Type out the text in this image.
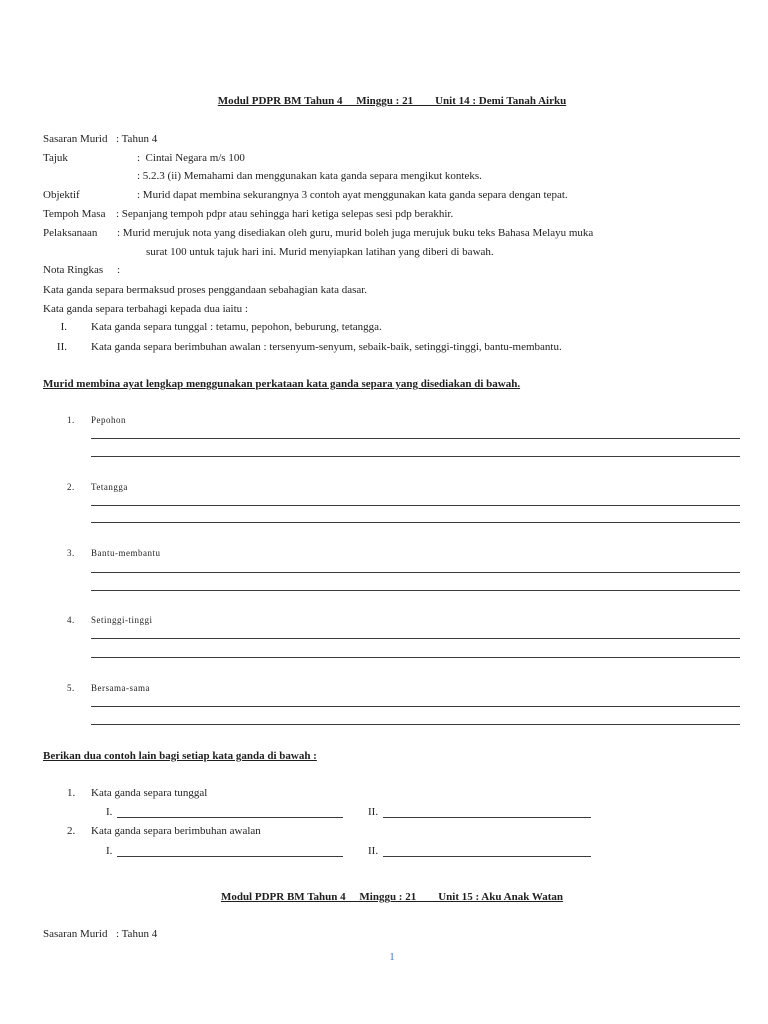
Modul PDPR BM Tahun 4     Minggu : 21        Unit 14 : Demi Tanah Airku
Sasaran Murid : Tahun 4
Tajuk	:  Cintai Negara m/s 100
: 5.2.3 (ii) Memahami dan menggunakan kata ganda separa mengikut konteks.
Objektif	: Murid dapat membina sekurangnya 3 contoh ayat menggunakan kata ganda separa dengan tepat.
Tempoh Masa : Sepanjang tempoh pdpr atau sehingga hari ketiga selepas sesi pdp berakhir.
Pelaksanaan : Murid merujuk nota yang disediakan oleh guru, murid boleh juga merujuk buku teks Bahasa Melayu muka
surat 100 untuk tajuk hari ini. Murid menyiapkan latihan yang diberi di bawah.
Nota Ringkas :
Kata ganda separa bermaksud proses penggandaan sebahagian kata dasar.
Kata ganda separa terbahagi kepada dua iaitu :
I. Kata ganda separa tunggal : tetamu, pepohon, beburung, tetangga.
II. Kata ganda separa berimbuhan awalan : tersenyum-senyum, sebaik-baik, setinggi-tinggi, bantu-membantu.
Murid membina ayat lengkap menggunakan perkataan kata ganda separa yang disediakan di bawah.
1. Pepohon
2. Tetangga
3. Bantu-membantu
4. Setinggi-tinggi
5. Bersama-sama
Berikan dua contoh lain bagi setiap kata ganda di bawah :
1. Kata ganda separa tunggal
I.	II.
2. Kata ganda separa berimbuhan awalan
I.	II.
Modul PDPR BM Tahun 4     Minggu : 21        Unit 15 : Aku Anak Watan
Sasaran Murid : Tahun 4
1
